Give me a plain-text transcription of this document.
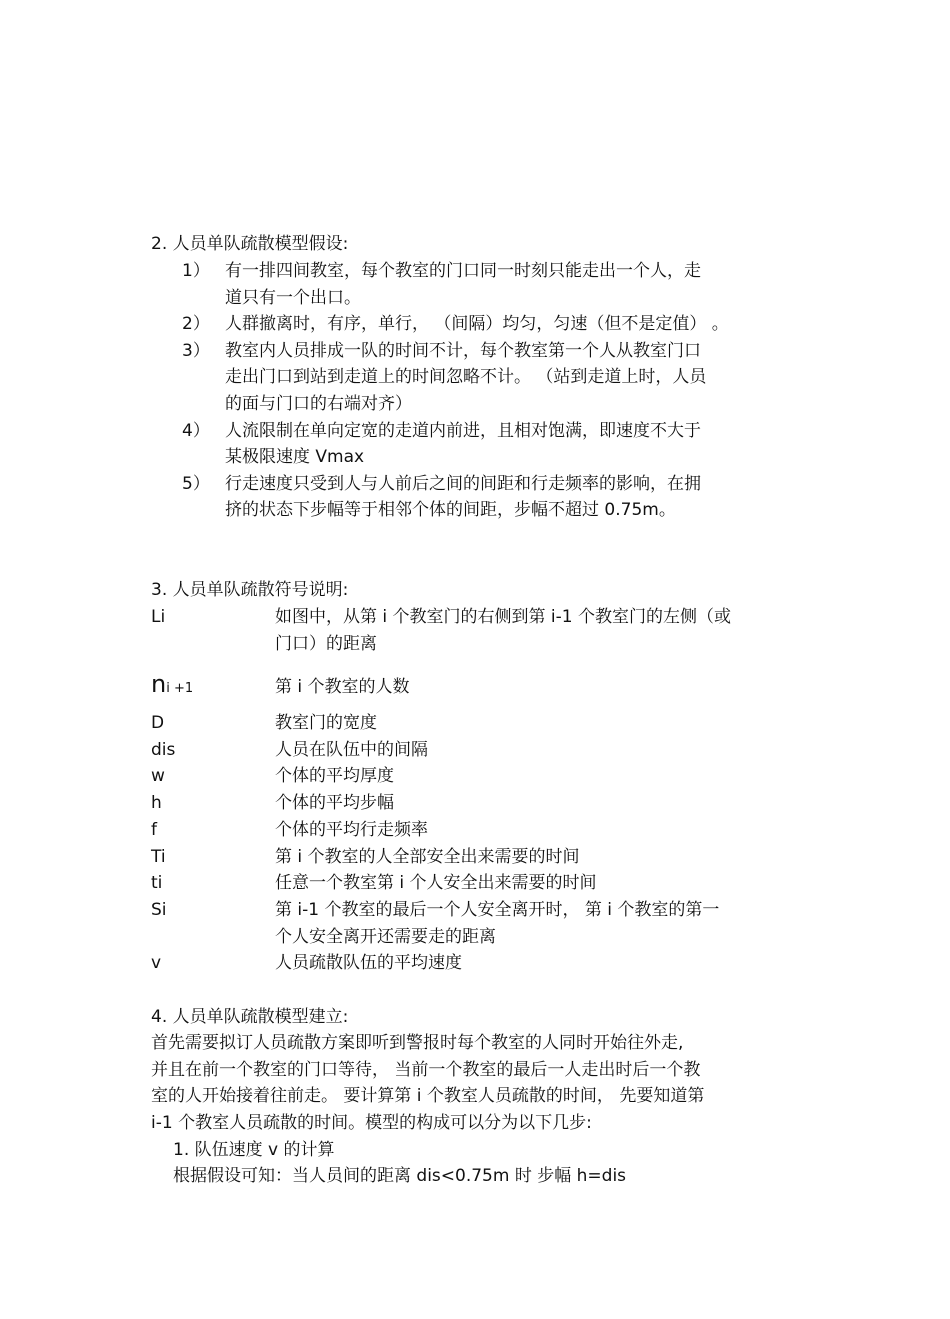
2. 人员单队疏散模型假设:
1） 有一排四间教室，每个教室的门口同一时刻只能走出一个人，走
道只有一个出口。
2） 人群撤离时，有序，单行， （间隔）均匀，匀速（但不是定值） 。
3） 教室内人员排成一队的时间不计，每个教室第一个人从教室门口
走出门口到站到走道上的时间忽略不计。 （站到走道上时，人员
的面与门口的右端对齐）
4） 人流限制在单向定宽的走道内前进，且相对饱满，即速度不大于
某极限速度 Vmax
5） 行走速度只受到人与人前后之间的间距和行走频率的影响，在拥
挤的状态下步幅等于相邻个体的间距，步幅不超过 0.75m。
3. 人员单队疏散符号说明:
Li	如图中，从第 i 个教室门的右侧到第 i-1 个教室门的左侧（或
门口）的距离
ni +1	第 i 个教室的人数
D	教室门的宽度
dis	人员在队伍中的间隔
w	个体的平均厚度
h	个体的平均步幅
f	个体的平均行走频率
Ti	第 i 个教室的人全部安全出来需要的时间
ti	任意一个教室第 i 个人安全出来需要的时间
Si	第 i-1 个教室的最后一个人安全离开时， 第 i 个教室的第一
个人安全离开还需要走的距离
v	人员疏散队伍的平均速度
4. 人员单队疏散模型建立:
首先需要拟订人员疏散方案即听到警报时每个教室的人同时开始往外走,
并且在前一个教室的门口等待， 当前一个教室的最后一人走出时后一个教
室的人开始接着往前走。 要计算第 i 个教室人员疏散的时间， 先要知道第
i-1 个教室人员疏散的时间。模型的构成可以分为以下几步:
1. 队伍速度 v 的计算
根据假设可知：当人员间的距离 dis<0.75m 时 步幅 h=dis
